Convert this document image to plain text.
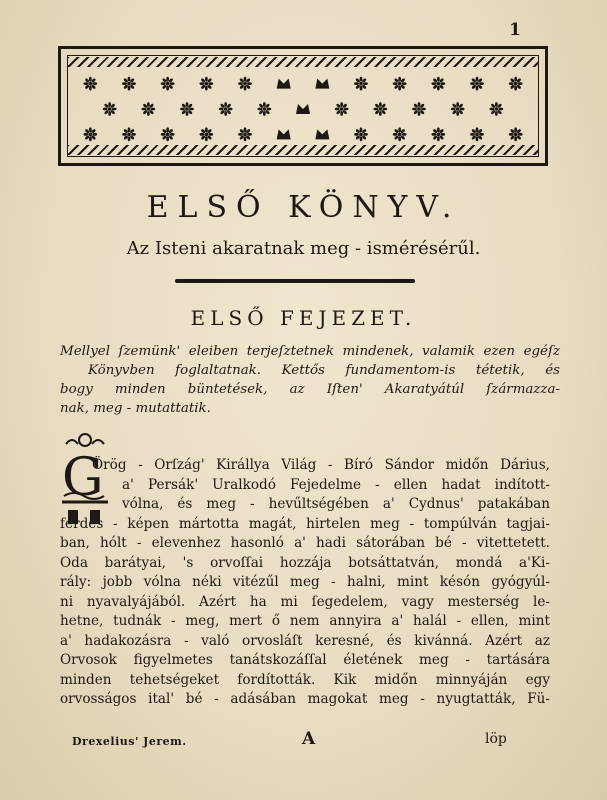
1
ELSŐ KÖNYV.
Az Isteni akaratnak meg - ismérésérűl.
ELSŐ FEJEZET.
Mellyel ſzemünk' eleiben terjeſztetnek mindenek, valamik ezen egéſz
Könyvben foglaltatnak. Kettős fundamentom-is tétetik, és
bogy minden büntetések, az Iſten' Akaratyátúl ſzármazza-
nak, meg - mutattatik.
G
Örög - Orſzág' Királlya Világ - Bíró Sándor midőn Dárius,
a' Persák' Uralkodó Fejedelme - ellen hadat indított-
vólna, és meg - hevűltségében a' Cydnus' patakában
ferdés - képen mártotta magát, hirtelen meg - tompúlván tagjai-
ban, hólt - elevenhez hasonló a' hadi sátorában bé - vitettetett.
Oda barátyai, 's orvoſſai hozzája botsáttatván, mondá a'Ki-
rály: jobb vólna néki vitézűl meg - halni, mint késón gyógyúl-
ni nyavalyájából. Azért ha mi ſegedelem, vagy mesterség le-
hetne, tudnák - meg, mert ő nem annyira a' halál - ellen, mint
a' hadakozásra - való orvosláſt keresné, és kivánná. Azért az
Orvosok figyelmetes tanátskozáſſal életének meg - tartására
minden tehetségeket fordították. Kik midőn minnyáján egy
orvosságos ital' bé - adásában magokat meg - nyugtatták, Fü-
Drexelius' Jerem.	A	löp
